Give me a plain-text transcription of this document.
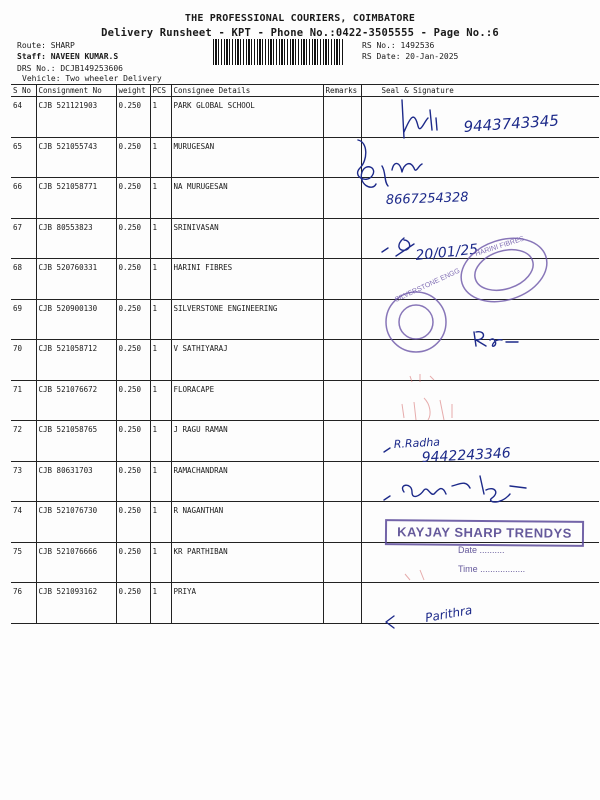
THE PROFESSIONAL COURIERS, COIMBATORE
Delivery Runsheet - KPT - Phone No.:0422-3505555 - Page No.:6
Route: SHARP
Staff: NAVEEN KUMAR.S
DRS No.: DCJB149253606
Vehicle: Two wheeler Delivery
RS No.: 1492536
RS Date: 20-Jan-2025
S No	Consignment No	weight	PCS	Consignee Details	Remarks	Seal & Signature
64	CJB 521121903	0.250	1	PARK GLOBAL SCHOOL		
65	CJB 521055743	0.250	1	MURUGESAN		
66	CJB 521058771	0.250	1	NA MURUGESAN		
67	CJB 80553823	0.250	1	SRINIVASAN		
68	CJB 520760331	0.250	1	HARINI FIBRES		
69	CJB 520900130	0.250	1	SILVERSTONE ENGINEERING		
70	CJB 521058712	0.250	1	V SATHIYARAJ		
71	CJB 521076672	0.250	1	FLORACAPE		
72	CJB 521058765	0.250	1	J RAGU RAMAN		
73	CJB 80631703	0.250	1	RAMACHANDRAN		
74	CJB 521076730	0.250	1	R NAGANTHAN		
75	CJB 521076666	0.250	1	KR PARTHIBAN		
76	CJB 521093162	0.250	1	PRIYA		
9443743345
8667254328
20/01/25
R.Radha
9442243346
Parithra
HARINI FIBRES
SILVERSTONE ENGG
KAYJAY SHARP TRENDYS
Date ..........
Time ..................
